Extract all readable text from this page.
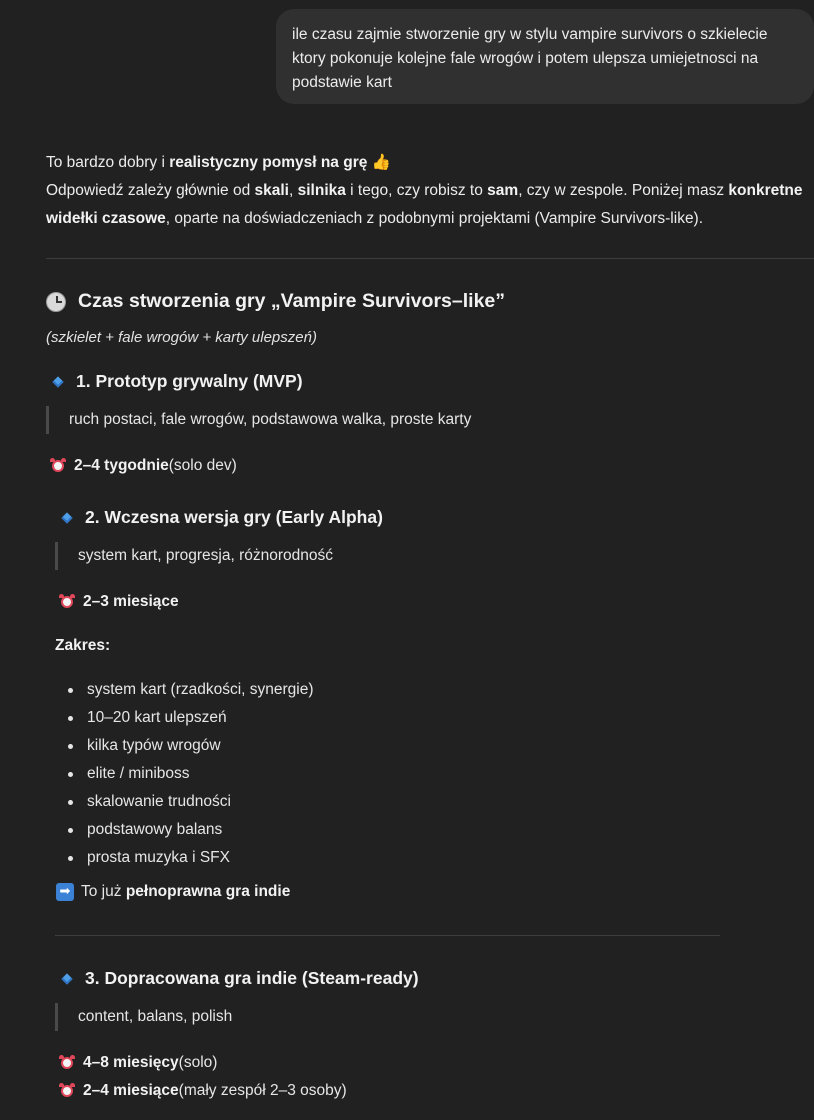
ile czasu zajmie stworzenie gry w stylu vampire survivors o szkielecie ktory pokonuje kolejne fale wrogów i potem ulepsza umiejetnosci na podstawie kart
To bardzo dobry i realistyczny pomysł na grę 👍
Odpowiedź zależy głównie od skali, silnika i tego, czy robisz to sam, czy w zespole. Poniżej masz konkretne widełki czasowe, oparte na doświadczeniach z podobnymi projektami (Vampire Survivors-like).
Czas stworzenia gry „Vampire Survivors–like”
(szkielet + fale wrogów + karty ulepszeń)
1. Prototyp grywalny (MVP)
ruch postaci, fale wrogów, podstawowa walka, proste karty
2–4 tygodnie (solo dev)
2. Wczesna wersja gry (Early Alpha)
system kart, progresja, różnorodność
2–3 miesiące
Zakres:
system kart (rzadkości, synergie)
10–20 kart ulepszeń
kilka typów wrogów
elite / miniboss
skalowanie trudności
podstawowy balans
prosta muzyka i SFX
➡ To już
pełnoprawna gra indie
3. Dopracowana gra indie (Steam-ready)
content, balans, polish
4–8 miesięcy (solo)
2–4 miesiące (mały zespół 2–3 osoby)
